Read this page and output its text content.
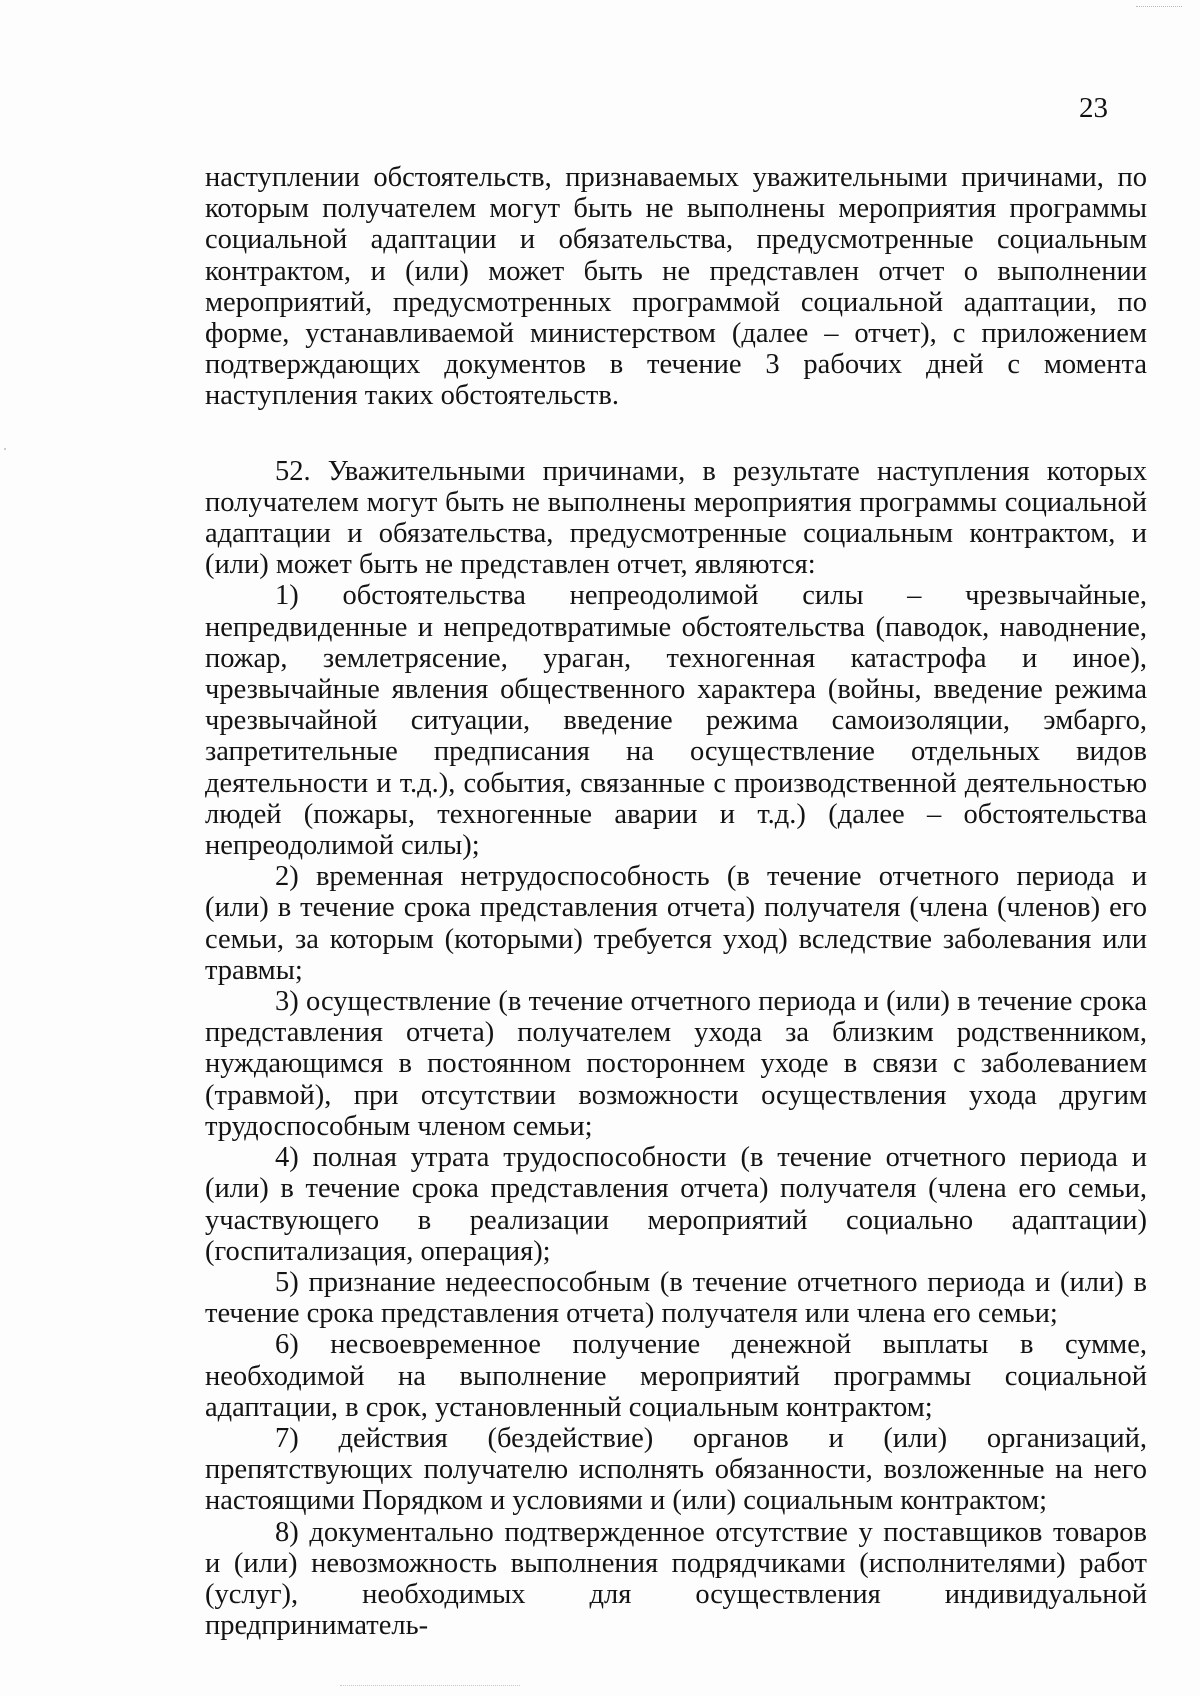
23

наступлении обстоятельств, признаваемых уважительными причинами, по которым получателем могут быть не выполнены мероприятия программы социальной адаптации и обязательства, предусмотренные социальным контрактом, и (или) может быть не представлен отчет о выполнении мероприятий, предусмотренных программой социальной адаптации, по форме, устанавливаемой министерством (далее – отчет), с приложением подтверждающих документов в течение 3 рабочих дней с момента наступления таких обстоятельств.

52. Уважительными причинами, в результате наступления которых получателем могут быть не выполнены мероприятия программы социальной адаптации и обязательства, предусмотренные социальным контрактом, и (или) может быть не представлен отчет, являются:

1) обстоятельства непреодолимой силы – чрезвычайные, непредвиденные и непредотвратимые обстоятельства (паводок, наводнение, пожар, землетрясение, ураган, техногенная катастрофа и иное), чрезвычайные явления общественного характера (войны, введение режима чрезвычайной ситуации, введение режима самоизоляции, эмбарго, запретительные предписания на осуществление отдельных видов деятельности и т.д.), события, связанные с производственной деятельностью людей (пожары, техногенные аварии и т.д.) (далее – обстоятельства непреодолимой силы);

2) временная нетрудоспособность (в течение отчетного периода и (или) в течение срока представления отчета) получателя (члена (членов) его семьи, за которым (которыми) требуется уход) вследствие заболевания или травмы;

3) осуществление (в течение отчетного периода и (или) в течение срока представления отчета) получателем ухода за близким родственником, нуждающимся в постоянном постороннем уходе в связи с заболеванием (травмой), при отсутствии возможности осуществления ухода другим трудоспособным членом семьи;

4) полная утрата трудоспособности (в течение отчетного периода и (или) в течение срока представления отчета) получателя (члена его семьи, участвующего в реализации мероприятий социально адаптации) (госпитализация, операция);

5) признание недееспособным (в течение отчетного периода и (или) в течение срока представления отчета) получателя или члена его семьи;

6) несвоевременное получение денежной выплаты в сумме, необходимой на выполнение мероприятий программы социальной адаптации, в срок, установленный социальным контрактом;

7) действия (бездействие) органов и (или) организаций, препятствующих получателю исполнять обязанности, возложенные на него настоящими Порядком и условиями и (или) социальным контрактом;

8) документально подтвержденное отсутствие у поставщиков товаров и (или) невозможность выполнения подрядчиками (исполнителями) работ (услуг), необходимых для осуществления индивидуальной предприниматель-
